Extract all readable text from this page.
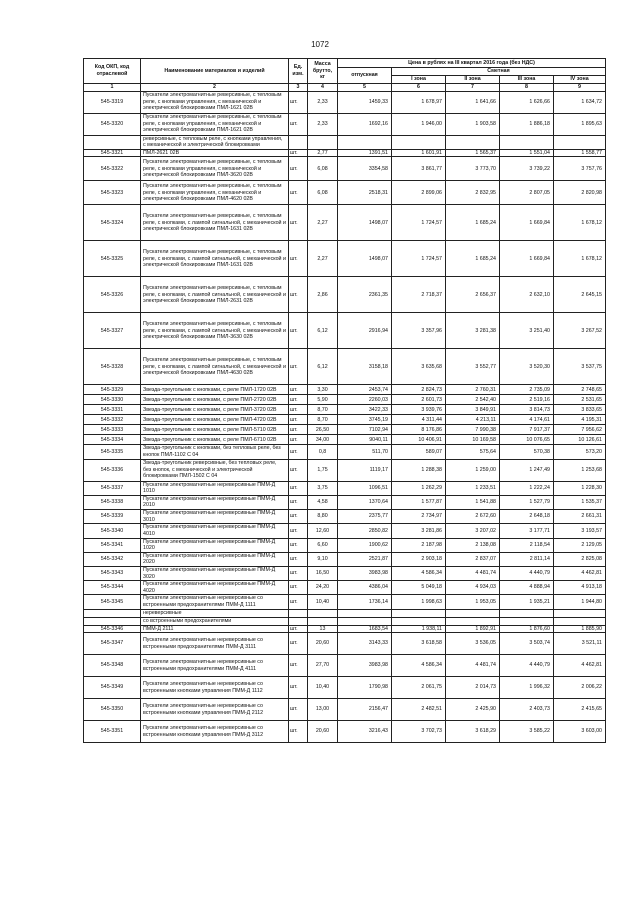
1072
Код ОКП, код отраслевой	Наименование материалов и изделий	Ед. изм.	Масса брутто, кг	Цена в рублях на III квартал 2016 года (без НДС)				
				отпускная	Сметная			
					I зона	II зона	III зона	IV зона
1	2	3	4	5	6	7	8	9
545-3319	Пускатели электромагнитные реверсивные, с тепловым реле, с кнопками управления, с механической и электрической блокировками ПМЛ-1621 02В	шт.	2,33	1459,33	1 678,97	1 641,66	1 626,66	1 634,72
545-3320	Пускатели электромагнитные реверсивные, с тепловым реле, с кнопками управления, с механической и электрической блокировками ПМЛ-1621 02В	шт.	2,33	1692,16	1 946,00	1 903,58	1 886,18	1 895,63
	реверсивные, с тепловым реле, с кнопками управления, с механической и электрической блокировками							
545-3321	ПМЛ-2621 02В	шт.	2,77	1391,51	1 601,91	1 565,37	1 551,04	1 558,77
545-3322	Пускатели электромагнитные реверсивные, с тепловым реле, с кнопками управления, с механической и электрической блокировками ПМЛ-3620 02В	шт.	6,08	3354,58	3 861,77	3 773,70	3 739,22	3 757,76
545-3323	Пускатели электромагнитные реверсивные, с тепловым реле, с кнопками управления, с механической и электрической блокировками ПМЛ-4620 02В	шт.	6,08	2518,31	2 899,06	2 832,95	2 807,05	2 820,98
545-3324	Пускатели электромагнитные реверсивные, с тепловым реле, с кнопками, с лампой сигнальной, с механической и электрической блокировками ПМЛ-1631 02В	шт.	2,27	1498,07	1 724,57	1 685,24	1 669,84	1 678,12
545-3325	Пускатели электромагнитные реверсивные, с тепловым реле, с кнопками, с лампой сигнальной, с механической и электрической блокировками ПМЛ-1631 02В	шт.	2,27	1498,07	1 724,57	1 685,24	1 669,84	1 678,12
545-3326	Пускатели электромагнитные реверсивные, с тепловым реле, с кнопками, с лампой сигнальной, с механической и электрической блокировками ПМЛ-2631 02В	шт.	2,86	2361,35	2 718,37	2 656,37	2 632,10	2 645,15
545-3327	Пускатели электромагнитные реверсивные, с тепловым реле, с кнопками, с лампой сигнальной, с механической и электрической блокировками ПМЛ-3630 02В	шт.	6,12	2916,94	3 357,96	3 281,38	3 251,40	3 267,52
545-3328	Пускатели электромагнитные реверсивные, с тепловым реле, с кнопками, с лампой сигнальной, с механической и электрической блокировками ПМЛ-4630 02В	шт.	6,12	3158,18	3 635,68	3 552,77	3 520,30	3 537,75
545-3329	Звезда-треугольник с кнопками, с реле ПМЛ-1720 02В	шт.	3,30	2453,74	2 824,73	2 760,31	2 735,09	2 748,65
545-3330	Звезда-треугольник с кнопками, с реле ПМЛ-2720 02В	шт.	5,90	2260,03	2 601,73	2 542,40	2 519,16	2 531,65
545-3331	Звезда-треугольник с кнопками, с реле ПМЛ-3720 02В	шт.	8,70	3422,33	3 939,76	3 849,91	3 814,73	3 833,65
545-3332	Звезда-треугольник с кнопками, с реле ПМЛ-4720 02В	шт.	8,70	3745,19	4 311,44	4 213,11	4 174,61	4 195,31
545-3333	Звезда-треугольник с кнопками, с реле ПМЛ-5710 02В	шт.	26,50	7102,94	8 176,86	7 990,38	7 917,37	7 956,62
545-3334	Звезда-треугольник с кнопками, с реле ПМЛ-6710 02В	шт.	34,00	9040,11	10 406,91	10 169,58	10 076,65	10 126,61
545-3335	Звезда-треугольник с кнопками, без тепловых реле, без кнопок ПМЛ-1102 С 04	шт.	0,8	511,70	589,07	575,64	570,38	573,20
545-3336	Звезда-треугольник реверсивные, без тепловых реле, без кнопок, с механической и электрической блокировками ПМЛ-1502 С 04	шт.	1,75	1119,17	1 288,38	1 259,00	1 247,49	1 253,68
545-3337	Пускатели электромагнитные нереверсивные ПММ-Д 1010	шт.	3,75	1096,51	1 262,29	1 233,51	1 222,24	1 228,30
545-3338	Пускатели электромагнитные нереверсивные ПММ-Д 2010	шт.	4,58	1370,64	1 577,87	1 541,88	1 527,79	1 535,37
545-3339	Пускатели электромагнитные нереверсивные ПММ-Д 3010	шт.	8,80	2375,77	2 734,97	2 672,60	2 648,18	2 661,31
545-3340	Пускатели электромагнитные нереверсивные ПММ-Д 4010	шт.	12,60	2850,82	3 281,86	3 207,02	3 177,71	3 193,57
545-3341	Пускатели электромагнитные нереверсивные ПММ-Д 1020	шт.	6,60	1900,62	2 187,98	2 138,08	2 118,54	2 129,05
545-3342	Пускатели электромагнитные нереверсивные ПММ-Д 2020	шт.	9,10	2521,87	2 903,18	2 837,07	2 811,14	2 825,08
545-3343	Пускатели электромагнитные нереверсивные ПММ-Д 3020	шт.	16,50	3983,98	4 586,34	4 481,74	4 440,79	4 462,81
545-3344	Пускатели электромагнитные нереверсивные ПММ-Д 4020	шт.	24,20	4386,04	5 049,18	4 934,03	4 888,94	4 913,18
545-3345	Пускатели электромагнитные нереверсивные со встроенными предохранителями ПММ-Д 1111	шт.	10,40	1736,14	1 998,63	1 953,05	1 935,21	1 944,80
	нереверсивные							
	со встроенными предохранителями							
545-3346	ПММ-Д 2111	шт.	13	1683,54	1 938,11	1 892,91	1 876,60	1 885,90
545-3347	Пускатели электромагнитные нереверсивные со встроенными предохранителями ПММ-Д 3111	шт.	20,60	3143,33	3 618,58	3 536,05	3 503,74	3 521,11
545-3348	Пускатели электромагнитные нереверсивные со встроенными предохранителями ПММ-Д 4111	шт.	27,70	3983,98	4 586,34	4 481,74	4 440,79	4 462,81
545-3349	Пускатели электромагнитные нереверсивные со встроенными кнопками управления ПММ-Д 1112	шт.	10,40	1790,98	2 061,75	2 014,73	1 996,32	2 006,22
545-3350	Пускатели электромагнитные нереверсивные со встроенными кнопками управления ПММ-Д 2112	шт.	13,00	2156,47	2 482,51	2 425,90	2 403,73	2 415,65
545-3351	Пускатели электромагнитные нереверсивные со встроенными кнопками управления ПММ-Д 3112	шт.	20,60	3216,43	3 702,73	3 618,29	3 585,22	3 603,00
